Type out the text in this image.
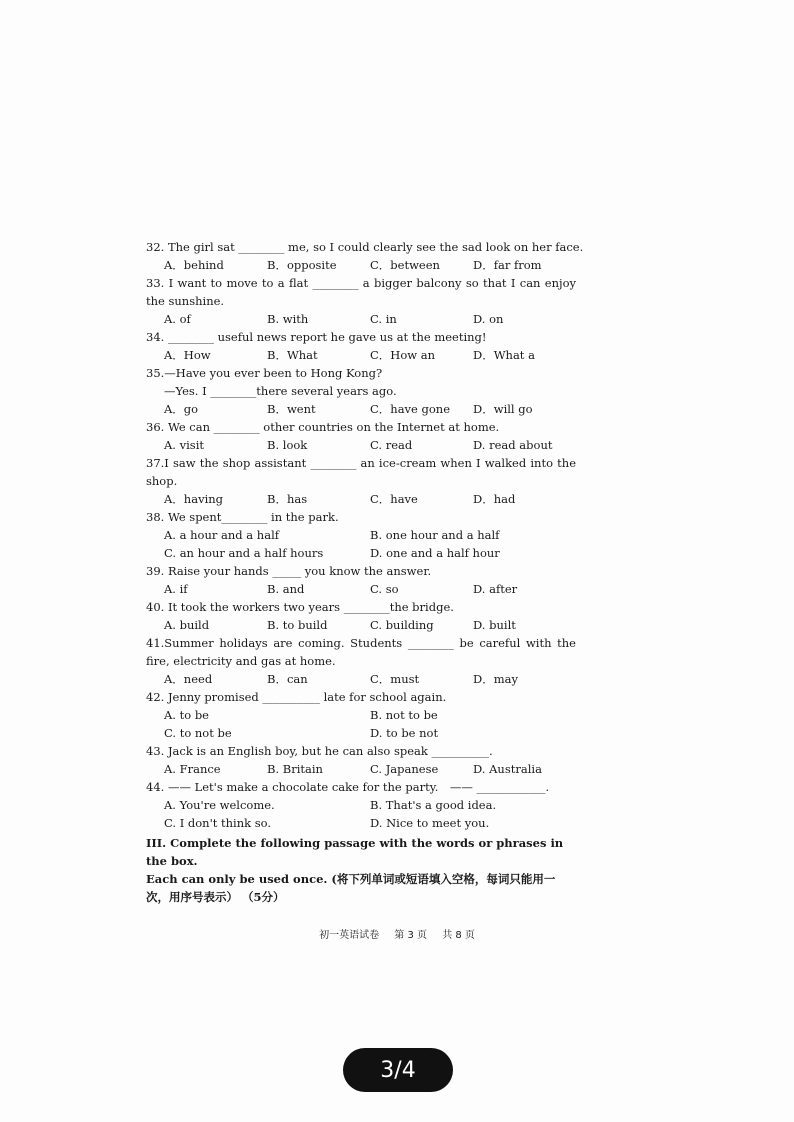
32. The girl sat ________ me, so I could clearly see the sad look on her face.

A．behind	B．opposite	C．between	D．far from

33. I want to move to a flat ________ a bigger balcony so that I can enjoy the sunshine.

A. of	B. with	C. in	D. on

34. ________ useful news report he gave us at the meeting!

A．How	B．What	C．How an	D．What a

35.—Have you ever been to Hong Kong?

—Yes. I ________there several years ago.

A．go	B．went	C．have gone	D．will go

36. We can ________ other countries on the Internet at home.

A. visit	B. look	C. read	D. read about

37.I saw the shop assistant ________ an ice-cream when I walked into the shop.

A．having	B．has	C．have	D．had

38. We spent________ in the park.

A. a hour and a half	B. one hour and a half
C. an hour and a half hours	D. one and a half hour

39. Raise your hands _____ you know the answer.

A. if	B. and	C. so	D. after

40. It took the workers two years ________the bridge.

A. build	B. to build	C. building	D. built

41.Summer holidays are coming. Students ________ be careful with the fire, electricity and gas at home.

A．need	B．can	C．must	D．may

42. Jenny promised __________ late for school again.

A. to be	B. not to be
C. to not be	D. to be not

43. Jack is an English boy, but he can also speak __________.

A. France	B. Britain	C. Japanese	D. Australia

44. —— Let's make a chocolate cake for the party.　—— ____________.

A. You're welcome.	B. That's a good idea.
C. I don't think so.	D. Nice to meet you.
III. Complete the following passage with the words or phrases in the box.
Each can only be used once. (将下列单词或短语填入空格，每词只能用一
次，用序号表示） （5分）
初一英语试卷 第 3 页 共 8 页
3/4
